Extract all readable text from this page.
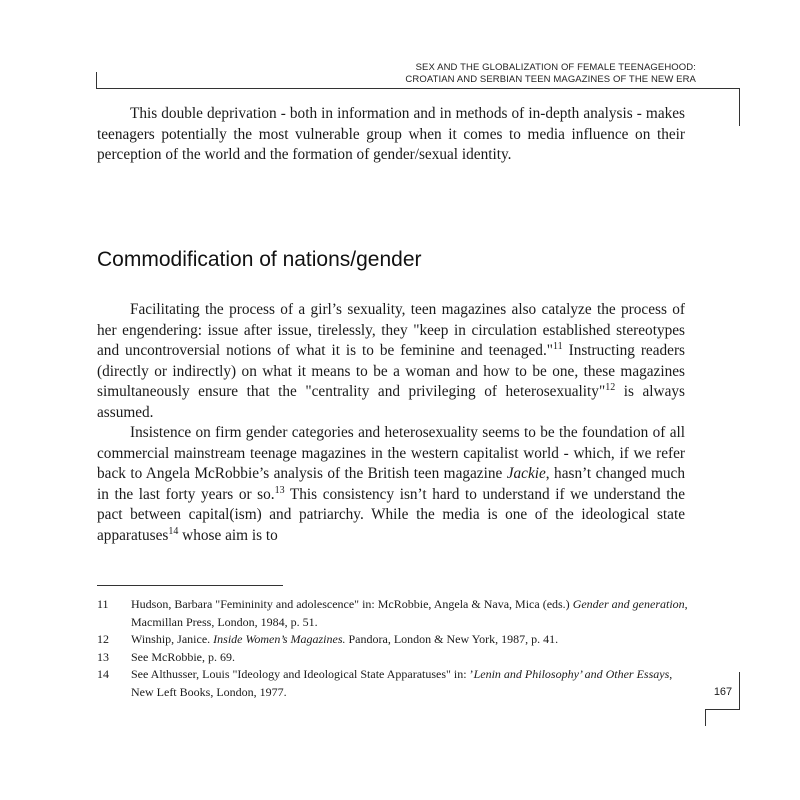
SEX AND THE GLOBALIZATION OF FEMALE TEENAGEHOOD:
CROATIAN AND SERBIAN TEEN MAGAZINES OF THE NEW ERA

This double deprivation - both in information and in methods of in-depth analysis - makes teenagers potentially the most vulnerable group when it comes to media influence on their perception of the world and the formation of gender/sexual identity.

Commodification of nations/gender

Facilitating the process of a girl’s sexuality, teen magazines also catalyze the process of her engendering: issue after issue, tirelessly, they "keep in circulation established stereotypes and uncontroversial notions of what it is to be feminine and teenaged."$^{11}$ Instructing readers (directly or indirectly) on what it means to be a woman and how to be one, these magazines simultaneously ensure that the "centrality and privileging of heterosexuality"$^{12}$ is always assumed.

Insistence on firm gender categories and heterosexuality seems to be the foundation of all commercial mainstream teenage magazines in the western capitalist world - which, if we refer back to Angela McRobbie’s analysis of the British teen magazine Jackie, hasn’t changed much in the last forty years or so.$^{13}$ This consistency isn’t hard to understand if we understand the pact between capital(ism) and patriarchy. While the media is one of the ideological state apparatuses$^{14}$ whose aim is to

11	Hudson, Barbara "Femininity and adolescence" in: McRobbie, Angela & Nava, Mica (eds.) Gender and generation, Macmillan Press, London, 1984, p. 51.
12	Winship, Janice. Inside Women’s Magazines. Pandora, London & New York, 1987, p. 41.
13	See McRobbie, p. 69.
14	See Althusser, Louis "Ideology and Ideological State Apparatuses" in: ’Lenin and Philosophy’ and Other Essays, New Left Books, London, 1977.	167
